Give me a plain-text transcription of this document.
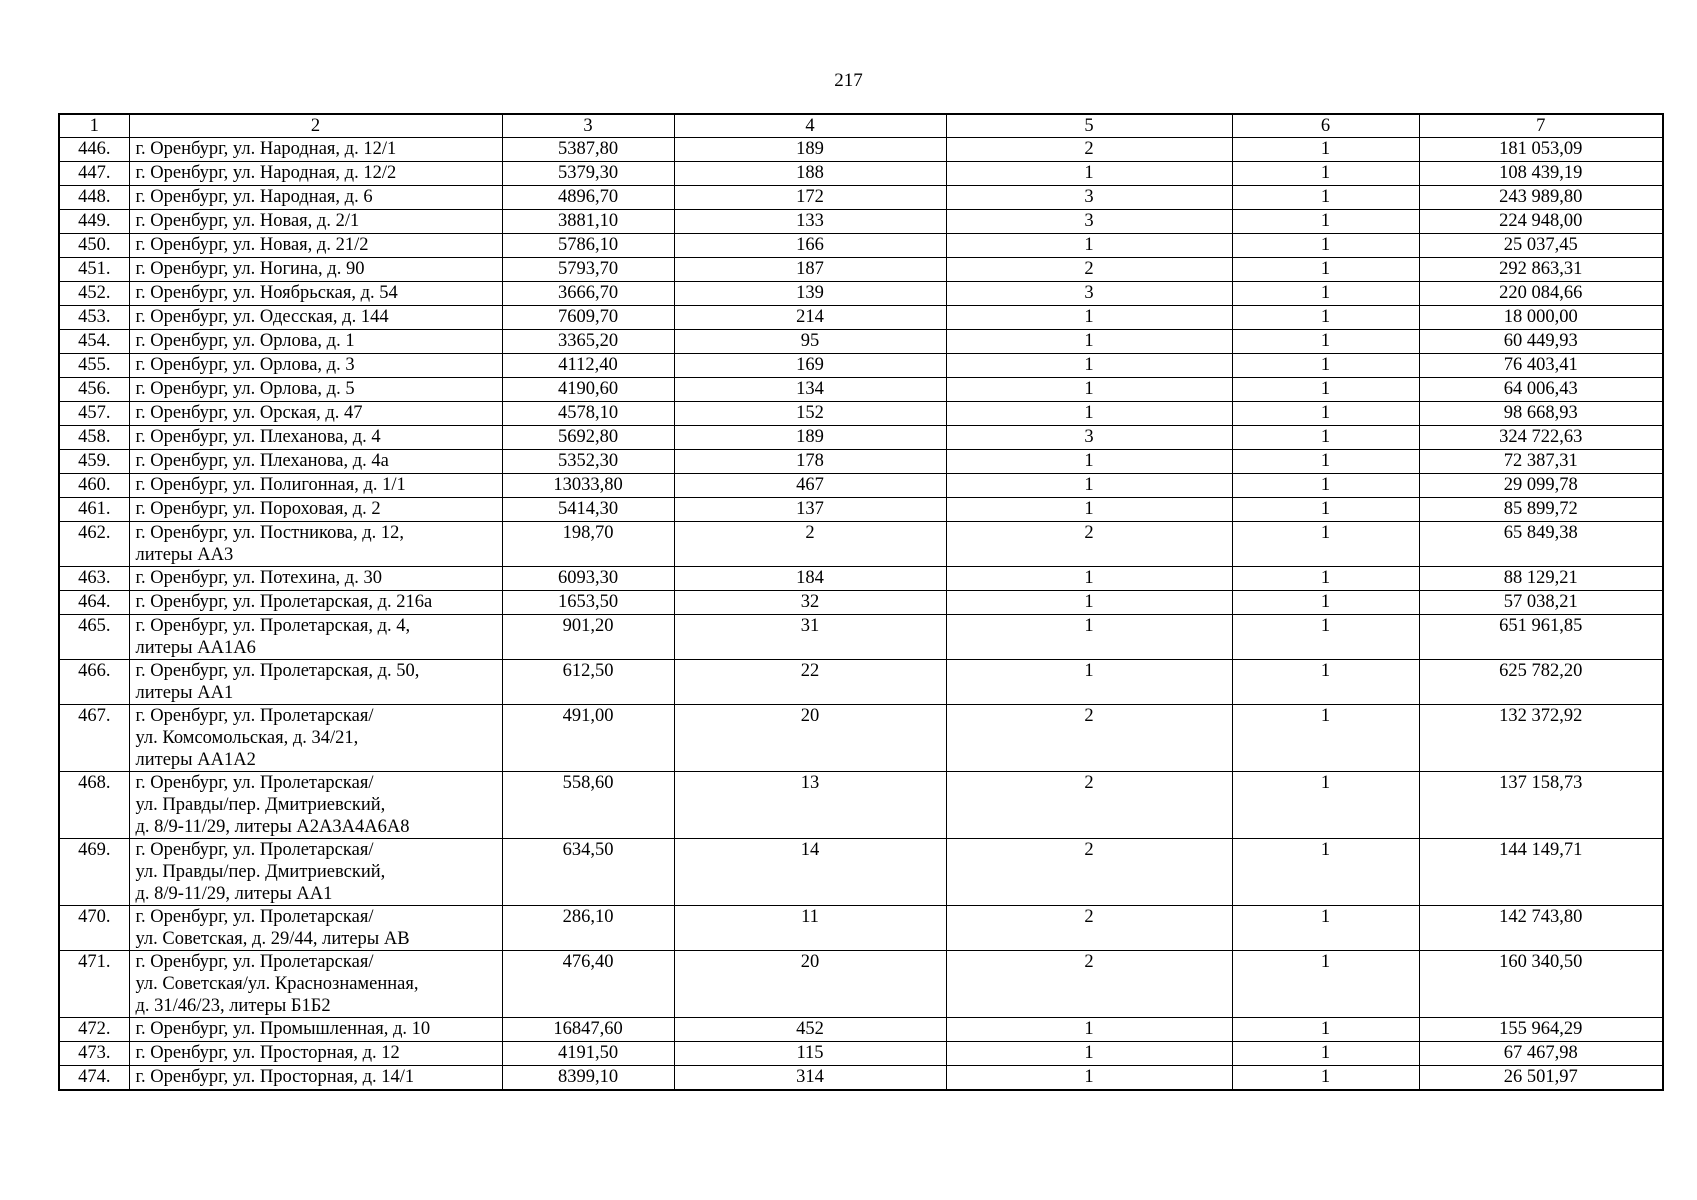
217
1	2	3	4	5	6	7
446.	г. Оренбург, ул. Народная, д. 12/1	5387,80	189	2	1	181 053,09
447.	г. Оренбург, ул. Народная, д. 12/2	5379,30	188	1	1	108 439,19
448.	г. Оренбург, ул. Народная, д. 6	4896,70	172	3	1	243 989,80
449.	г. Оренбург, ул. Новая, д. 2/1	3881,10	133	3	1	224 948,00
450.	г. Оренбург, ул. Новая, д. 21/2	5786,10	166	1	1	25 037,45
451.	г. Оренбург, ул. Ногина, д. 90	5793,70	187	2	1	292 863,31
452.	г. Оренбург, ул. Ноябрьская, д. 54	3666,70	139	3	1	220 084,66
453.	г. Оренбург, ул. Одесская, д. 144	7609,70	214	1	1	18 000,00
454.	г. Оренбург, ул. Орлова, д. 1	3365,20	95	1	1	60 449,93
455.	г. Оренбург, ул. Орлова, д. 3	4112,40	169	1	1	76 403,41
456.	г. Оренбург, ул. Орлова, д. 5	4190,60	134	1	1	64 006,43
457.	г. Оренбург, ул. Орская, д. 47	4578,10	152	1	1	98 668,93
458.	г. Оренбург, ул. Плеханова, д. 4	5692,80	189	3	1	324 722,63
459.	г. Оренбург, ул. Плеханова, д. 4а	5352,30	178	1	1	72 387,31
460.	г. Оренбург, ул. Полигонная, д. 1/1	13033,80	467	1	1	29 099,78
461.	г. Оренбург, ул. Пороховая, д. 2	5414,30	137	1	1	85 899,72
462.	г. Оренбург, ул. Постникова, д. 12,
литеры АА3	198,70	2	2	1	65 849,38
463.	г. Оренбург, ул. Потехина, д. 30	6093,30	184	1	1	88 129,21
464.	г. Оренбург, ул. Пролетарская, д. 216а	1653,50	32	1	1	57 038,21
465.	г. Оренбург, ул. Пролетарская, д. 4,
литеры АА1А6	901,20	31	1	1	651 961,85
466.	г. Оренбург, ул. Пролетарская, д. 50,
литеры АА1	612,50	22	1	1	625 782,20
467.	г. Оренбург, ул. Пролетарская/
ул. Комсомольская, д. 34/21,
литеры АА1А2	491,00	20	2	1	132 372,92
468.	г. Оренбург, ул. Пролетарская/
ул. Правды/пер. Дмитриевский,
д. 8/9-11/29, литеры А2А3А4А6А8	558,60	13	2	1	137 158,73
469.	г. Оренбург, ул. Пролетарская/
ул. Правды/пер. Дмитриевский,
д. 8/9-11/29, литеры АА1	634,50	14	2	1	144 149,71
470.	г. Оренбург, ул. Пролетарская/
ул. Советская, д. 29/44, литеры АВ	286,10	11	2	1	142 743,80
471.	г. Оренбург, ул. Пролетарская/
ул. Советская/ул. Краснознаменная,
д. 31/46/23, литеры Б1Б2	476,40	20	2	1	160 340,50
472.	г. Оренбург, ул. Промышленная, д. 10	16847,60	452	1	1	155 964,29
473.	г. Оренбург, ул. Просторная, д. 12	4191,50	115	1	1	67 467,98
474.	г. Оренбург, ул. Просторная, д. 14/1	8399,10	314	1	1	26 501,97
